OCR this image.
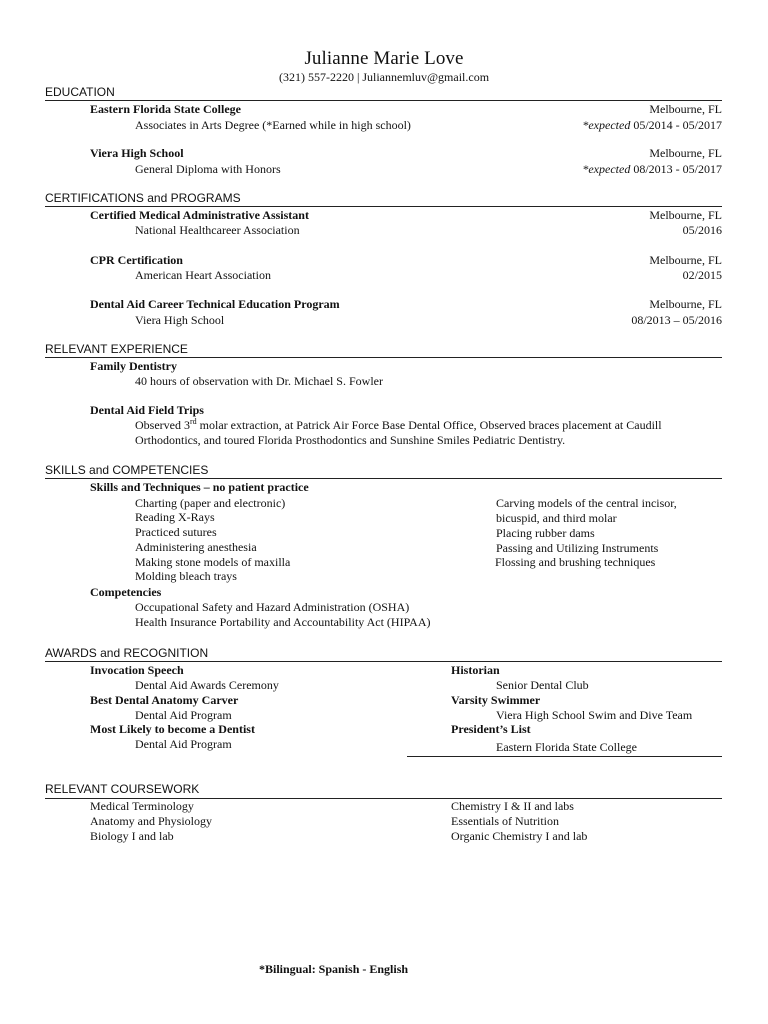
Julianne Marie Love
(321) 557-2220 | Juliannemluv@gmail.com
EDUCATION
Eastern Florida State College	Melbourne, FL
Associates in Arts Degree (*Earned while in high school)	*expected 05/2014 - 05/2017
Viera High School	Melbourne, FL
General Diploma with Honors	*expected 08/2013 - 05/2017
CERTIFICATIONS and PROGRAMS
Certified Medical Administrative Assistant	Melbourne, FL
National Healthcareer Association	05/2016
CPR Certification	Melbourne, FL
American Heart Association	02/2015
Dental Aid Career Technical Education Program	Melbourne, FL
Viera High School	08/2013 – 05/2016
RELEVANT EXPERIENCE
Family Dentistry
40 hours of observation with Dr. Michael S. Fowler
Dental Aid Field Trips
Observed 3rd molar extraction, at Patrick Air Force Base Dental Office, Observed braces placement at Caudill Orthodontics, and toured Florida Prosthodontics and Sunshine Smiles Pediatric Dentistry.
SKILLS and COMPETENCIES
Skills and Techniques – no patient practice
Charting (paper and electronic)
Reading X-Rays
Practiced sutures
Administering anesthesia
Making stone models of maxilla
Molding bleach trays
Carving models of the central incisor,
bicuspid, and third molar
Placing rubber dams
Passing and Utilizing Instruments
Flossing and brushing techniques
Competencies
Occupational Safety and Hazard Administration (OSHA)
Health Insurance Portability and Accountability Act (HIPAA)
AWARDS and RECOGNITION
Invocation Speech
Dental Aid Awards Ceremony
Best Dental Anatomy Carver
Dental Aid Program
Most Likely to become a Dentist
Dental Aid Program
Historian
Senior Dental Club
Varsity Swimmer
Viera High School Swim and Dive Team
President’s List
Eastern Florida State College
RELEVANT COURSEWORK
Medical Terminology
Anatomy and Physiology
Biology I and lab
Chemistry I & II and labs
Essentials of Nutrition
Organic Chemistry I and lab
*Bilingual: Spanish - English
